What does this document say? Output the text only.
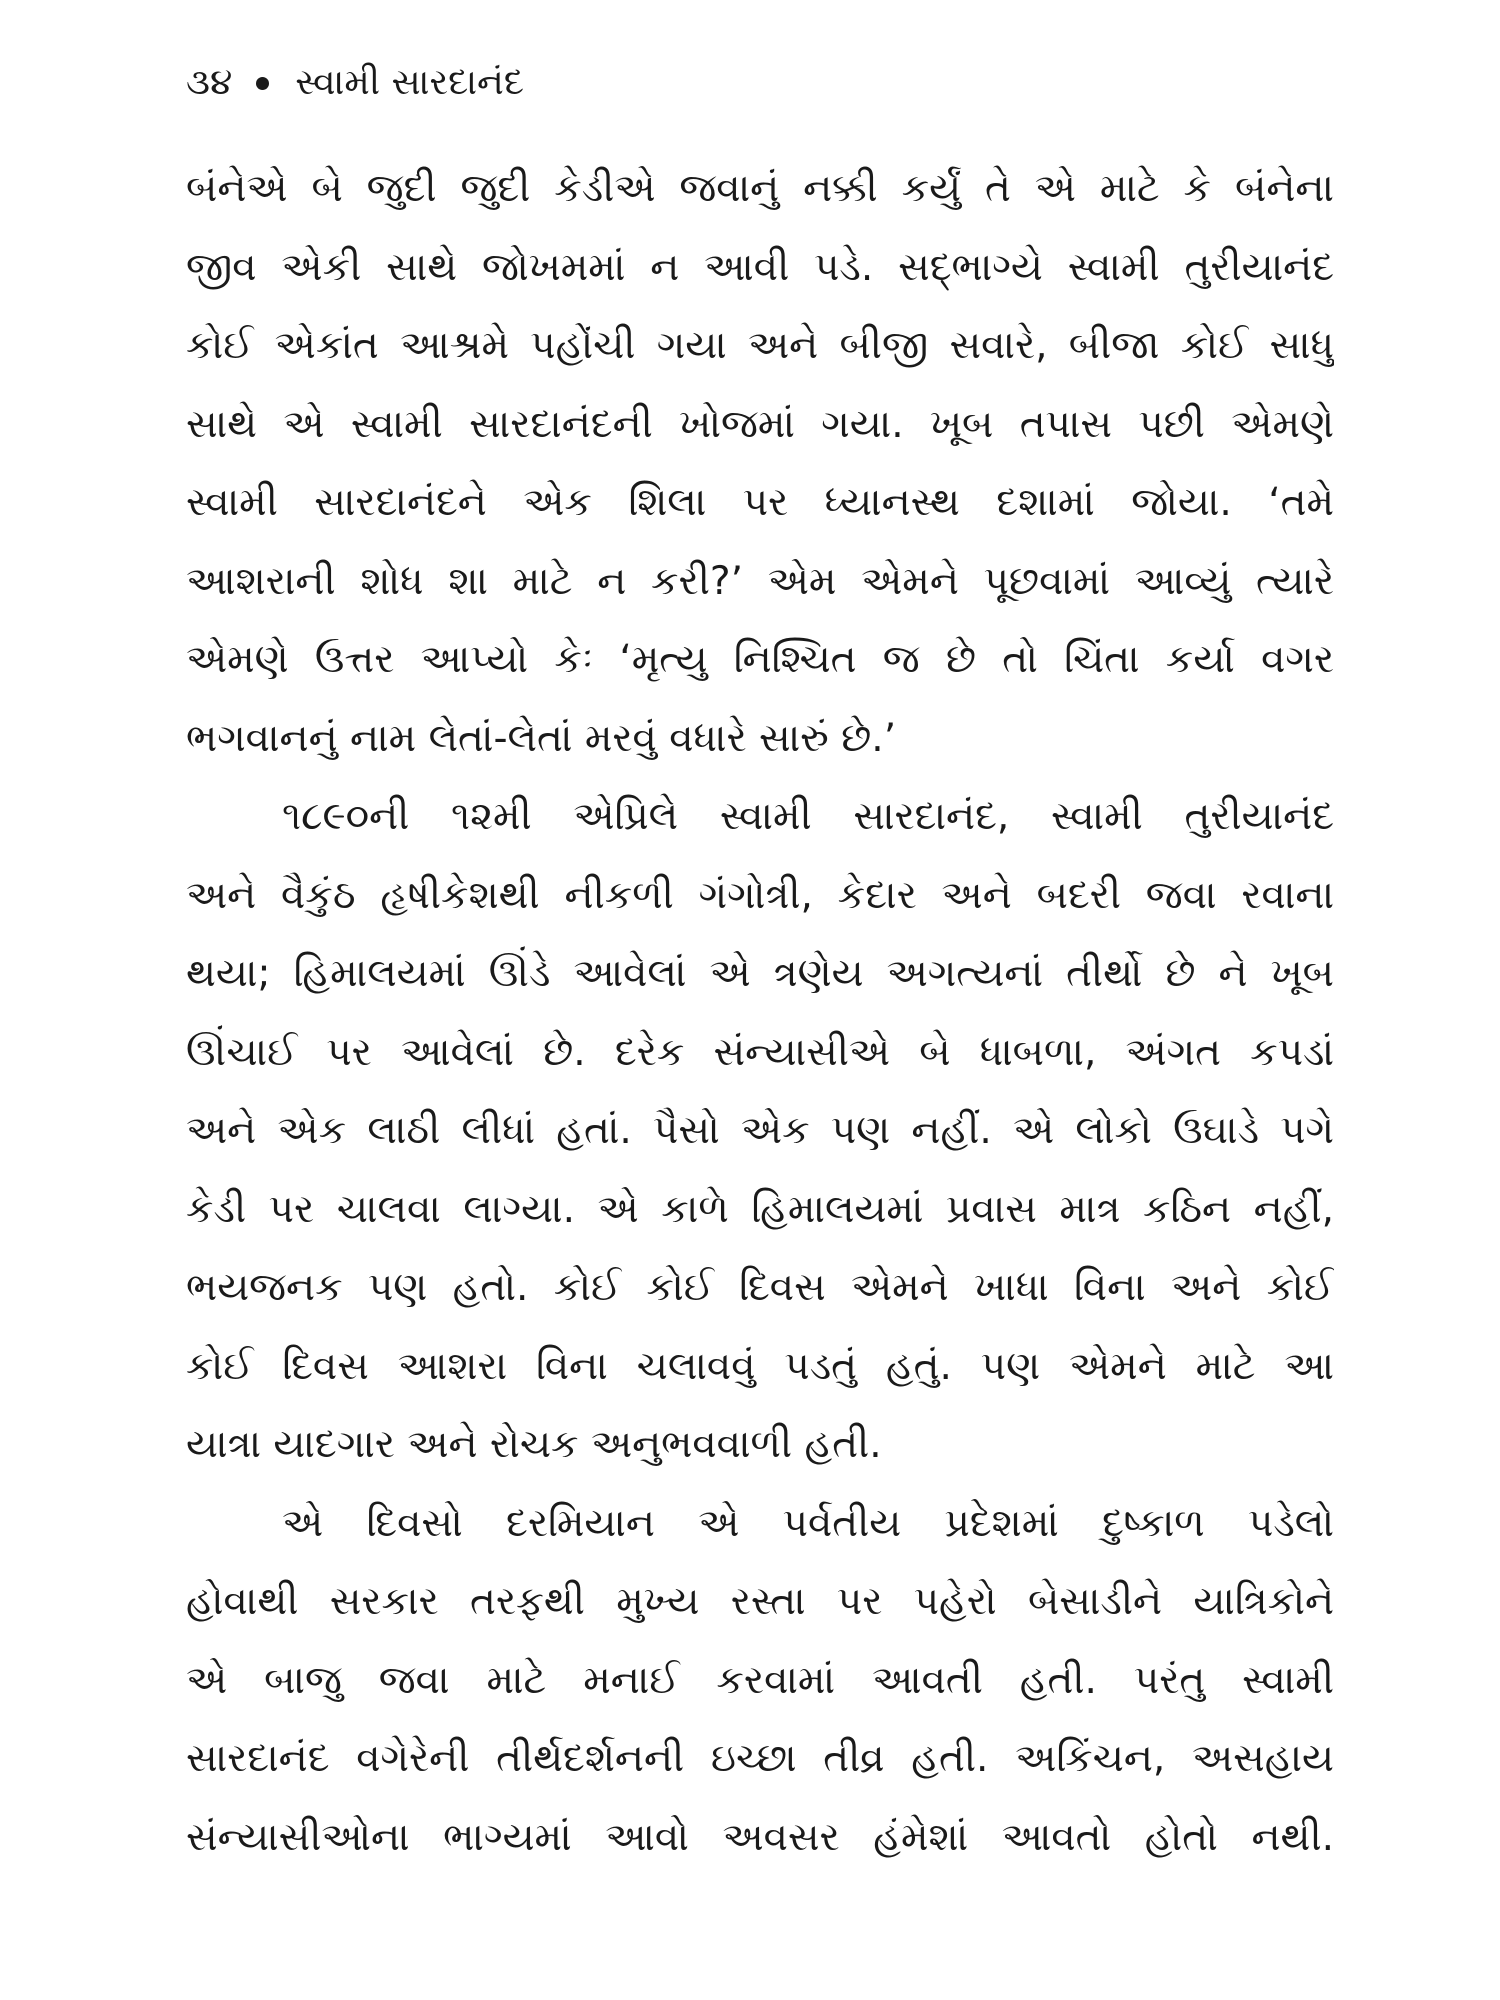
૩૪ સ્વામી સારદાનંદ
બંનેએ બે જુદી જુદી કેડીએ જવાનું નક્કી કર્યું તે એ માટે કે બંનેના
જીવ એકી સાથે જોખમમાં ન આવી પડે. સદ્ભાગ્યે સ્વામી તુરીયાનંદ
કોઈ એકાંત આશ્રમે પહોંચી ગયા અને બીજી સવારે, બીજા કોઈ સાધુ
સાથે એ સ્વામી સારદાનંદની ખોજમાં ગયા. ખૂબ તપાસ પછી એમણે
સ્વામી સારદાનંદને એક શિલા પર ધ્યાનસ્થ દશામાં જોયા. ‘તમે
આશરાની શોધ શા માટે ન કરી?’ એમ એમને પૂછવામાં આવ્યું ત્યારે
એમણે ઉત્તર આપ્યો કેઃ ‘મૃત્યુ નિશ્ચિત જ છે તો ચિંતા કર્યા વગર
ભગવાનનું નામ લેતાં-લેતાં મરવું વધારે સારું છે.’
૧૮૯૦ની ૧૨મી એપ્રિલે સ્વામી સારદાનંદ, સ્વામી તુરીયાનંદ
અને વૈકુંઠ હૃષીકેશથી નીકળી ગંગોત્રી, કેદાર અને બદરી જવા રવાના
થયા; હિમાલયમાં ઊંડે આવેલાં એ ત્રણેય અગત્યનાં તીર્થો છે ને ખૂબ
ઊંચાઈ પર આવેલાં છે. દરેક સંન્યાસીએ બે ધાબળા, અંગત કપડાં
અને એક લાઠી લીધાં હતાં. પૈસો એક પણ નહીં. એ લોકો ઉઘાડે પગે
કેડી પર ચાલવા લાગ્યા. એ કાળે હિમાલયમાં પ્રવાસ માત્ર કઠિન નહીં,
ભયજનક પણ હતો. કોઈ કોઈ દિવસ એમને ખાધા વિના અને કોઈ
કોઈ દિવસ આશરા વિના ચલાવવું પડતું હતું. પણ એમને માટે આ
યાત્રા યાદગાર અને રોચક અનુભવવાળી હતી.
એ દિવસો દરમિયાન એ પર્વતીય પ્રદેશમાં દુષ્કાળ પડેલો
હોવાથી સરકાર તરફથી મુખ્ય રસ્તા પર પહેરો બેસાડીને યાત્રિકોને
એ બાજુ જવા માટે મનાઈ કરવામાં આવતી હતી. પરંતુ સ્વામી
સારદાનંદ વગેરેની તીર્થદર્શનની ઇચ્છા તીવ્ર હતી. અકિંચન, અસહાય
સંન્યાસીઓના ભાગ્યમાં આવો અવસર હંમેશાં આવતો હોતો નથી.
